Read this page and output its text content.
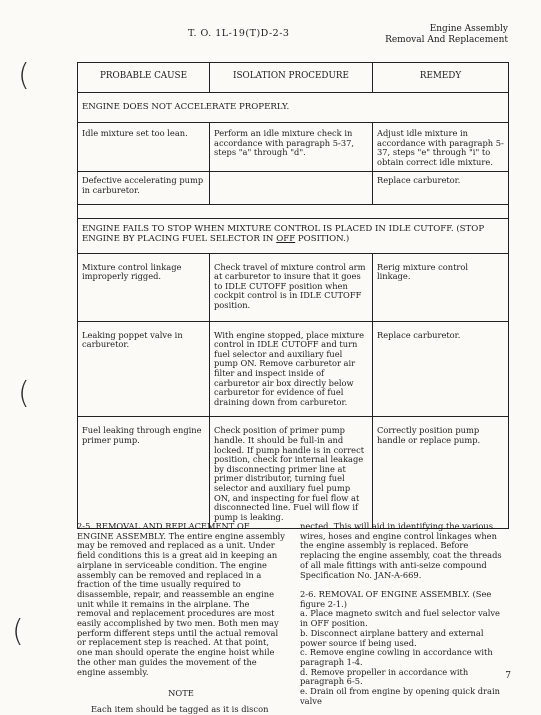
T. O. 1L-19(T)D-2-3	Engine Assembly
Removal And Replacement
(
(
(
PROBABLE CAUSE	ISOLATION PROCEDURE	REMEDY
ENGINE DOES NOT ACCELERATE PROPERLY.		
Idle mixture set too lean.	Perform an idle mixture check in accordance with paragraph 5-37, steps "a" through "d".	Adjust idle mixture in accordance with paragraph 5-37, steps "e" through "i" to obtain correct idle mixture.
Defective accelerating pump in carburetor.		Replace carburetor.

ENGINE FAILS TO STOP WHEN MIXTURE CONTROL IS PLACED IN IDLE CUTOFF. (STOP ENGINE BY PLACING FUEL SELECTOR IN OFF POSITION.)		
Mixture control linkage improperly rigged.	Check travel of mixture control arm at carburetor to insure that it goes to IDLE CUTOFF position when cockpit control is in IDLE CUTOFF position.	Rerig mixture control linkage.
Leaking poppet valve in carburetor.	With engine stopped, place mixture control in IDLE CUTOFF and turn fuel selector and auxiliary fuel pump ON. Remove carburetor air filter and inspect inside of carburetor air box directly below carburetor for evidence of fuel draining down from carburetor.	Replace carburetor.
Fuel leaking through engine primer pump.	Check position of primer pump handle. It should be full-in and locked. If pump handle is in correct position, check for internal leakage by disconnecting primer line at primer distributor, turning fuel selector and auxiliary fuel pump ON, and inspecting for fuel flow at disconnected line. Fuel will flow if pump is leaking.	Correctly position pump handle or replace pump.

2-5. REMOVAL AND REPLACEMENT OF ENGINE ASSEMBLY. The entire engine assembly may be removed and replaced as a unit. Under field conditions this is a great aid in keeping an airplane in serviceable condition. The engine assembly can be removed and replaced in a fraction of the time usually required to disassemble, repair, and reassemble an engine unit while it remains in the airplane. The removal and replacement procedures are most easily accomplished by two men. Both men may perform different steps until the actual removal or replacement step is reached. At that point, one man should operate the engine hoist while the other man guides the movement of the engine assembly.

NOTE

Each item should be tagged as it is discon

nected. This will aid in identifying the various wires, hoses and engine control linkages when the engine assembly is replaced. Before replacing the engine assembly, coat the threads of all male fittings with anti-seize compound Specification No. JAN-A-669.

2-6. REMOVAL OF ENGINE ASSEMBLY. (See figure 2-1.)

a. Place magneto switch and fuel selector valve in OFF position.

b. Disconnect airplane battery and external power source if being used.

c. Remove engine cowling in accordance with paragraph 1-4.

d. Remove propeller in accordance with paragraph 6-5.

e. Drain oil from engine by opening quick drain valve

7
